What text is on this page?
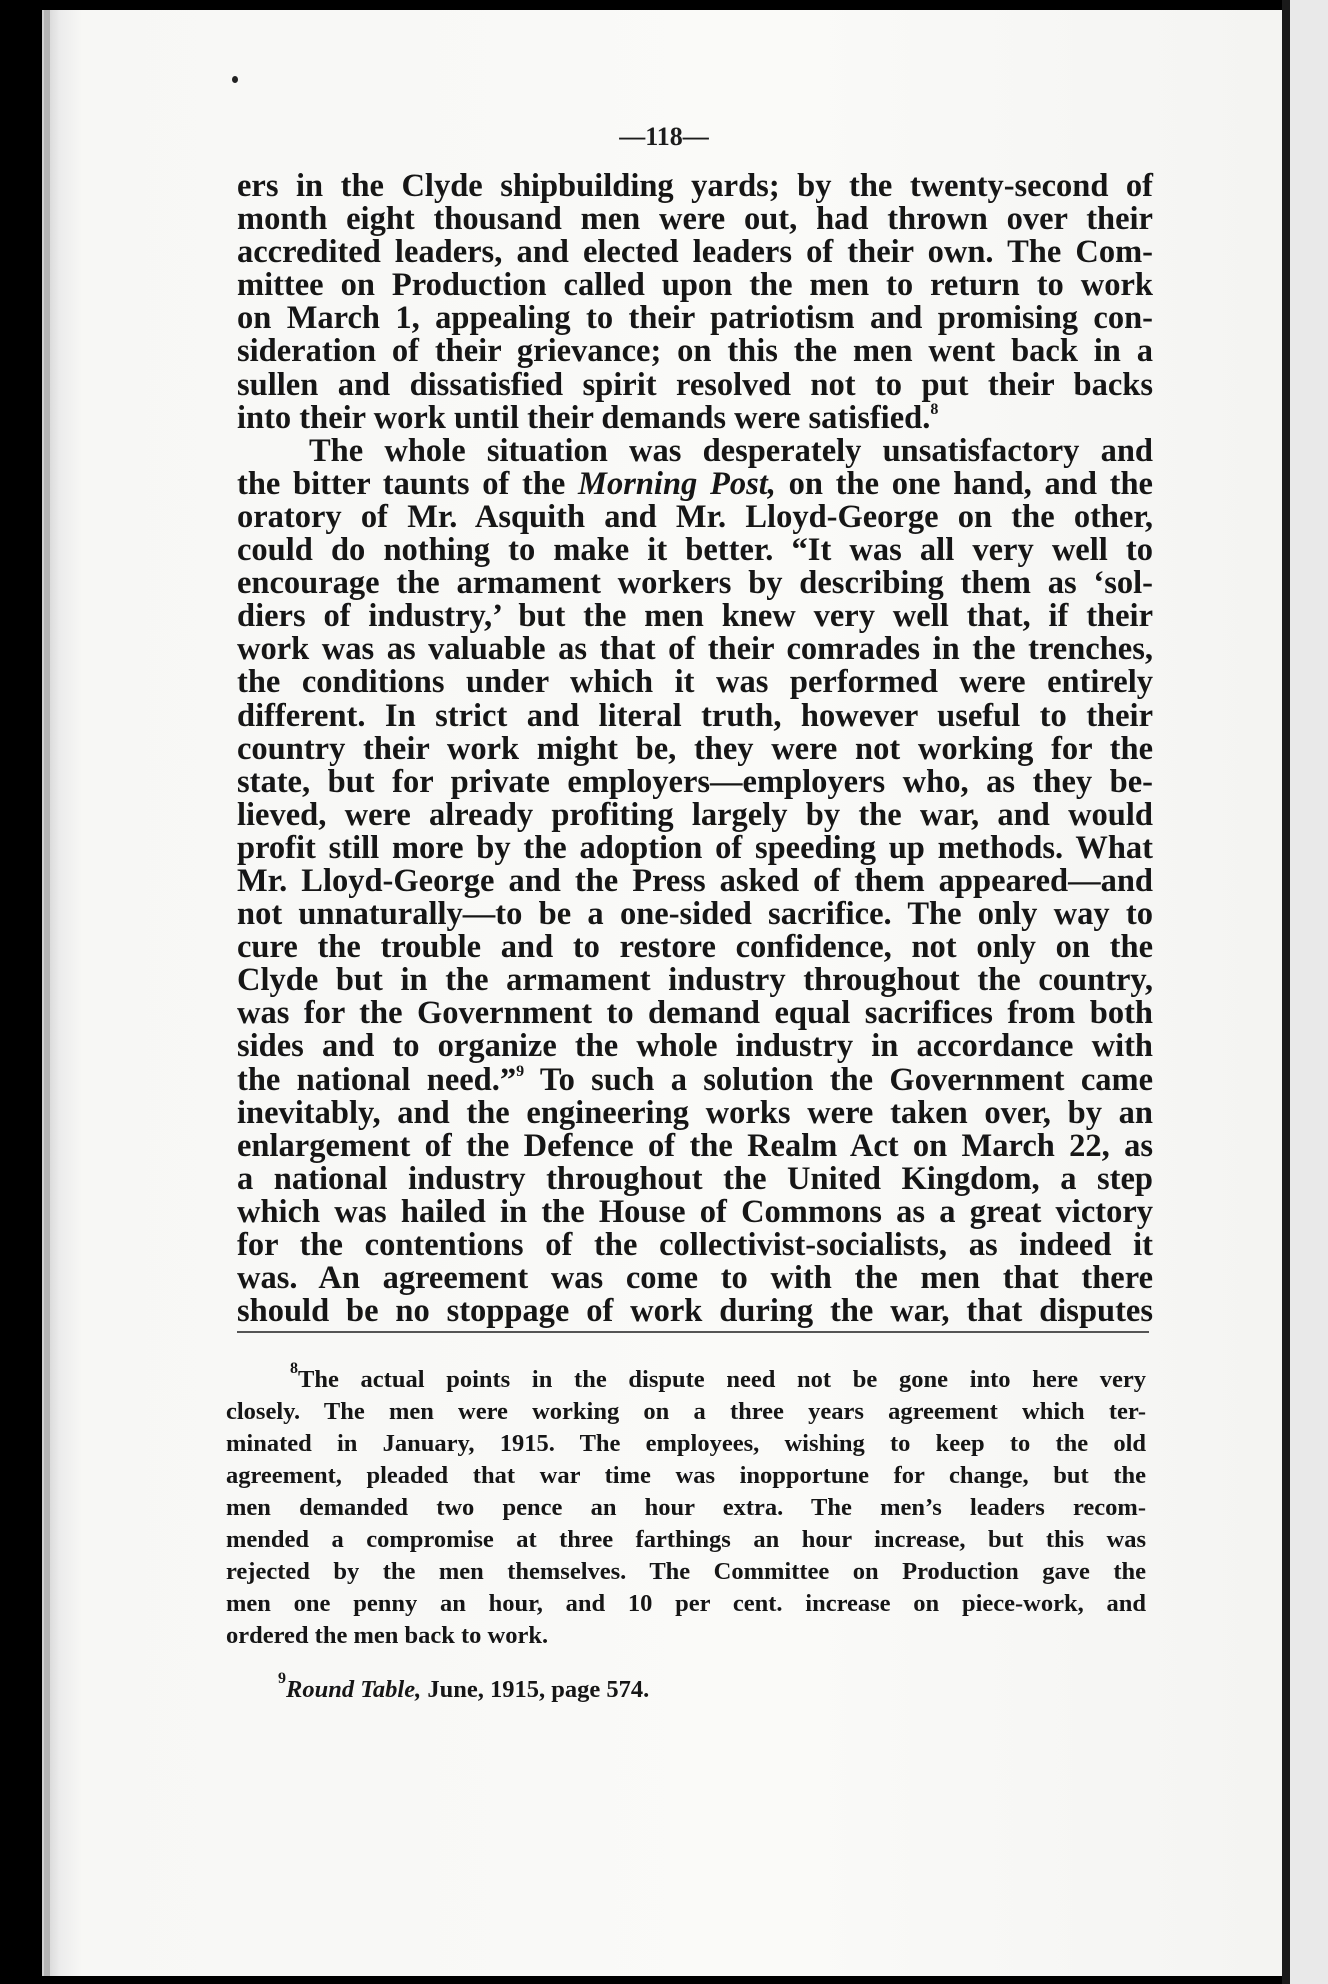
—118—
ers in the Clyde shipbuilding yards; by the twenty-second of
month eight thousand men were out, had thrown over their
accredited leaders, and elected leaders of their own. The Com-
mittee on Production called upon the men to return to work
on March 1, appealing to their patriotism and promising con-
sideration of their grievance; on this the men went back in a
sullen and dissatisfied spirit resolved not to put their backs
into their work until their demands were satisfied.$^8$
The whole situation was desperately unsatisfactory and
the bitter taunts of the Morning Post, on the one hand, and the
oratory of Mr. Asquith and Mr. Lloyd-George on the other,
could do nothing to make it better. “It was all very well to
encourage the armament workers by describing them as ‘sol-
diers of industry,’ but the men knew very well that, if their
work was as valuable as that of their comrades in the trenches,
the conditions under which it was performed were entirely
different. In strict and literal truth, however useful to their
country their work might be, they were not working for the
state, but for private employers—employers who, as they be-
lieved, were already profiting largely by the war, and would
profit still more by the adoption of speeding up methods. What
Mr. Lloyd-George and the Press asked of them appeared—and
not unnaturally—to be a one-sided sacrifice. The only way to
cure the trouble and to restore confidence, not only on the
Clyde but in the armament industry throughout the country,
was for the Government to demand equal sacrifices from both
sides and to organize the whole industry in accordance with
the national need.”$^9$ To such a solution the Government came
inevitably, and the engineering works were taken over, by an
enlargement of the Defence of the Realm Act on March 22, as
a national industry throughout the United Kingdom, a step
which was hailed in the House of Commons as a great victory
for the contentions of the collectivist-socialists, as indeed it
was. An agreement was come to with the men that there
should be no stoppage of work during the war, that disputes
$^8$The actual points in the dispute need not be gone into here very
closely. The men were working on a three years agreement which ter-
minated in January, 1915. The employees, wishing to keep to the old
agreement, pleaded that war time was inopportune for change, but the
men demanded two pence an hour extra. The men’s leaders recom-
mended a compromise at three farthings an hour increase, but this was
rejected by the men themselves. The Committee on Production gave the
men one penny an hour, and 10 per cent. increase on piece-work, and
ordered the men back to work.
$^9$Round Table, June, 1915, page 574.
